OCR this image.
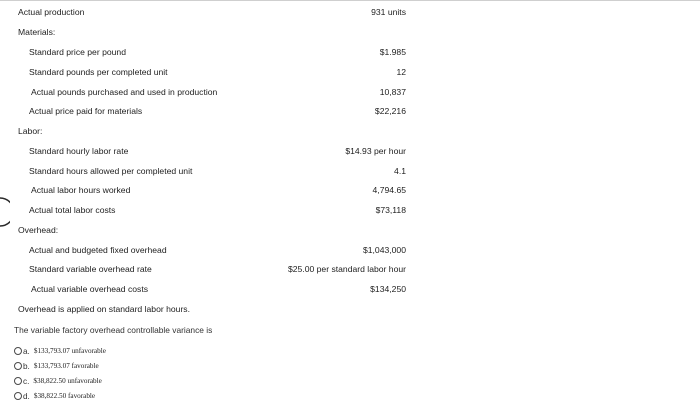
Actual production	931 units
Materials:
Standard price per pound	$1.985
Standard pounds per completed unit	12
Actual pounds purchased and used in production	10,837
Actual price paid for materials	$22,216
Labor:
Standard hourly labor rate	$14.93 per hour
Standard hours allowed per completed unit	4.1
Actual labor hours worked	4,794.65
Actual total labor costs	$73,118
Overhead:
Actual and budgeted fixed overhead	$1,043,000
Standard variable overhead rate	$25.00 per standard labor hour
Actual variable overhead costs	$134,250
Overhead is applied on standard labor hours.
The variable factory overhead controllable variance is
a. $133,793.07 unfavorable
b. $133,793.07 favorable
c. $38,822.50 unfavorable
d. $38,822.50 favorable
